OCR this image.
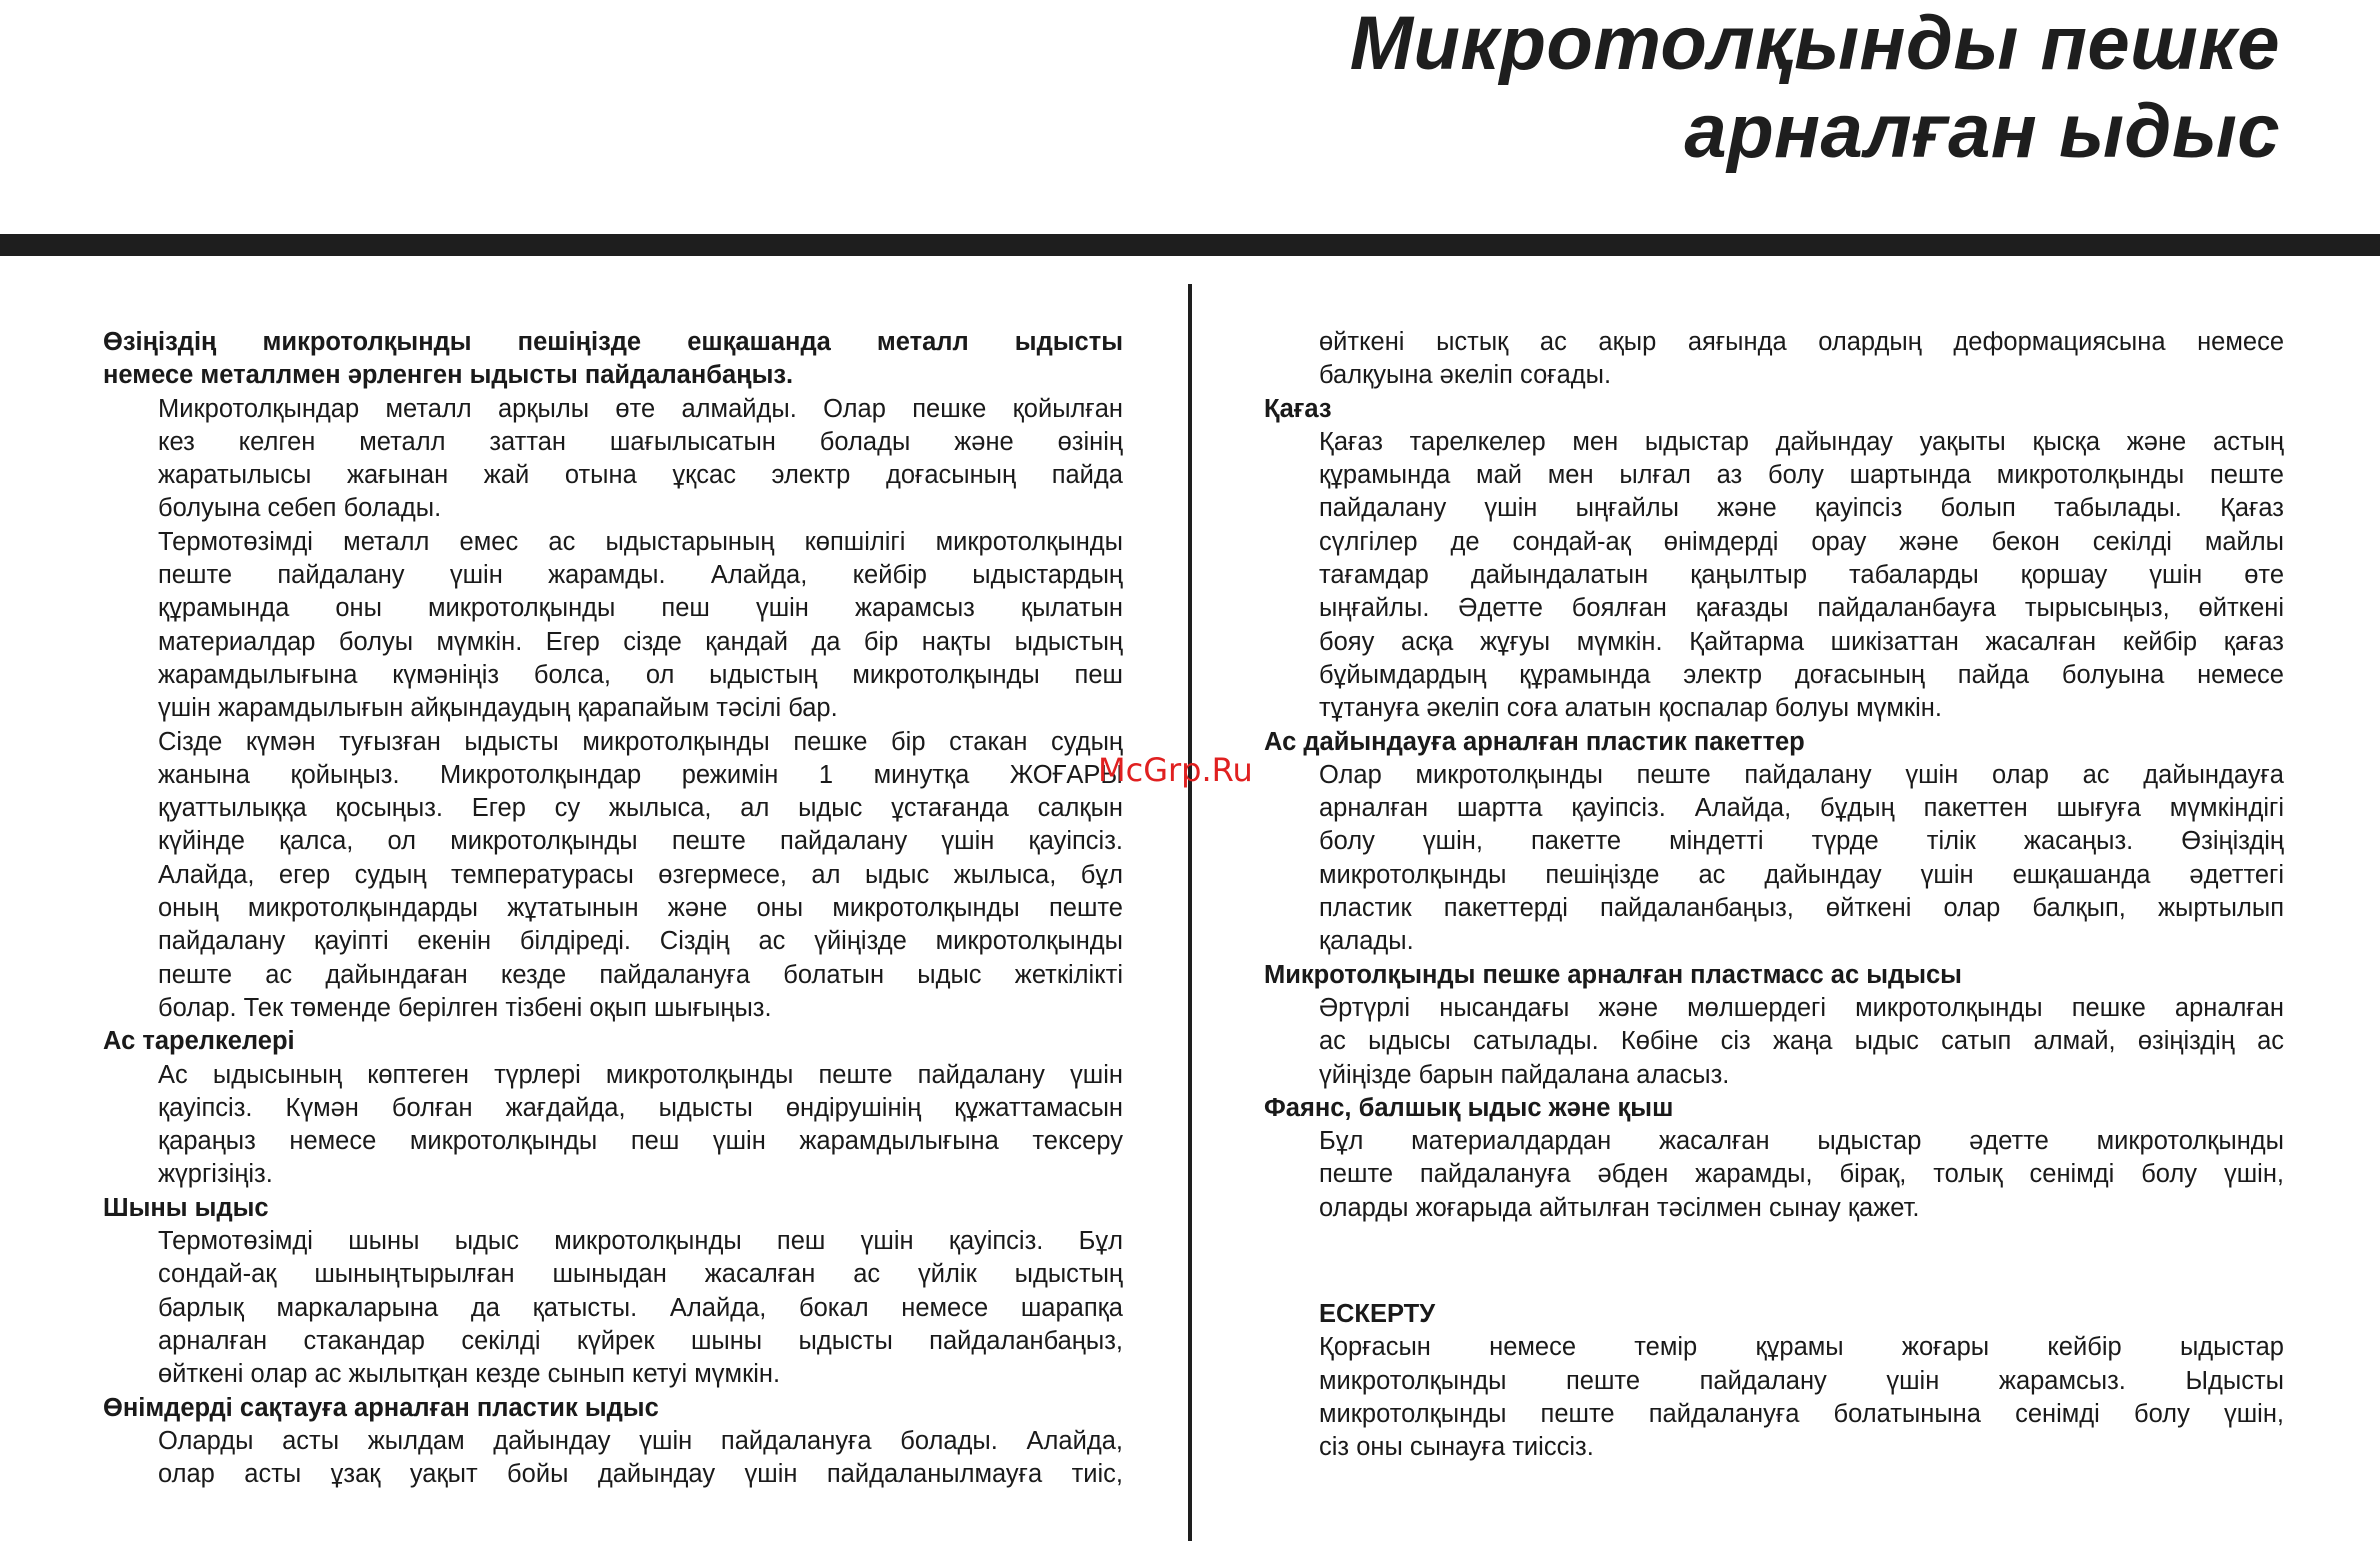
Микротолқынды пешке
арналған ыдыс
Өзіңіздің микротолқынды пешіңізде ешқашанда металл ыдысты
немесе металлмен әрленген ыдысты пайдаланбаңыз.
Микротолқындар металл арқылы өте алмайды. Олар пешке қойылған
кез келген металл заттан шағылысатын болады және өзінің
жаратылысы жағынан жай отына ұқсас электр доғасының пайда
болуына себеп болады.
Термотөзімді металл емес ас ыдыстарының көпшілігі микротолқынды
пеште пайдалану үшін жарамды. Алайда, кейбір ыдыстардың
құрамында оны микротолқынды пеш үшін жарамсыз қылатын
материалдар болуы мүмкін. Егер сізде қандай да бір нақты ыдыстың
жарамдылығына күмәніңіз болса, ол ыдыстың микротолқынды пеш
үшін жарамдылығын айқындаудың қарапайым тәсілі бар.
Сізде күмән туғызған ыдысты микротолқынды пешке бір стакан судың
жанына қойыңыз. Микротолқындар режимін 1 минутқа ЖОҒАРЫ
қуаттылыққа қосыңыз. Егер су жылыса, ал ыдыс ұстағанда салқын
күйінде қалса, ол микротолқынды пеште пайдалану үшін қауіпсіз.
Алайда, егер судың температурасы өзгермесе, ал ыдыс жылыса, бұл
оның микротолқындарды жұтатынын және оны микротолқынды пеште
пайдалану қауіпті екенін білдіреді. Сіздің ас үйіңізде микротолқынды
пеште ас дайындаған кезде пайдалануға болатын ыдыс жеткілікті
болар. Тек төменде берілген тізбені оқып шығыңыз.
Ас тарелкелері
Ас ыдысының көптеген түрлері микротолқынды пеште пайдалану үшін
қауіпсіз. Күмән болған жағдайда, ыдысты өндірушінің құжаттамасын
қараңыз немесе микротолқынды пеш үшін жарамдылығына тексеру
жүргізіңіз.
Шыны ыдыс
Термотөзімді шыны ыдыс микротолқынды пеш үшін қауіпсіз. Бұл
сондай-ақ шыныңтырылған шыныдан жасалған ас үйлік ыдыстың
барлық маркаларына да қатысты. Алайда, бокал немесе шарапқа
арналған стакандар секілді күйрек шыны ыдысты пайдаланбаңыз,
өйткені олар ас жылытқан кезде сынып кетуі мүмкін.
Өнімдерді сақтауға арналған пластик ыдыс
Оларды асты жылдам дайындау үшін пайдалануға болады. Алайда,
олар асты ұзақ уақыт бойы дайындау үшін пайдаланылмауға тиіс,
өйткені ыстық ас ақыр аяғында олардың деформациясына немесе
балқуына әкеліп соғады.
Қағаз
Қағаз тарелкелер мен ыдыстар дайындау уақыты қысқа және астың
құрамында май мен ылғал аз болу шартында микротолқынды пеште
пайдалану үшін ыңғайлы және қауіпсіз болып табылады. Қағаз
сүлгілер де сондай-ақ өнімдерді орау және бекон секілді майлы
тағамдар дайындалатын қаңылтыр табаларды қоршау үшін өте
ыңғайлы. Әдетте боялған қағазды пайдаланбауға тырысыңыз, өйткені
бояу асқа жұғуы мүмкін. Қайтарма шикізаттан жасалған кейбір қағаз
бұйымдардың құрамында электр доғасының пайда болуына немесе
тұтануға әкеліп соға алатын қоспалар болуы мүмкін.
Ас дайындауға арналған пластик пакеттер
Олар микротолқынды пеште пайдалану үшін олар ас дайындауға
арналған шартта қауіпсіз. Алайда, бұдың пакеттен шығуға мүмкіндігі
болу үшін, пакетте міндетті түрде тілік жасаңыз. Өзіңіздің
микротолқынды пешіңізде ас дайындау үшін ешқашанда әдеттегі
пластик пакеттерді пайдаланбаңыз, өйткені олар балқып, жыртылып
қалады.
Микротолқынды пешке арналған пластмасс ас ыдысы
Әртүрлі нысандағы және мөлшердегі микротолқынды пешке арналған
ас ыдысы сатылады. Көбіне сіз жаңа ыдыс сатып алмай, өзіңіздің ас
үйіңізде барын пайдалана аласыз.
Фаянс, балшық ыдыс және қыш
Бұл материалдардан жасалған ыдыстар әдетте микротолқынды
пеште пайдалануға әбден жарамды, бірақ, толық сенімді болу үшін,
оларды жоғарыда айтылған тәсілмен сынау қажет.
ЕСКЕРТУ
Қорғасын немесе темір құрамы жоғары кейбір ыдыстар
микротолқынды пеште пайдалану үшін жарамсыз. Ыдысты
микротолқынды пеште пайдалануға болатынына сенімді болу үшін,
сіз оны сынауға тиіссіз.
McGrp.Ru
